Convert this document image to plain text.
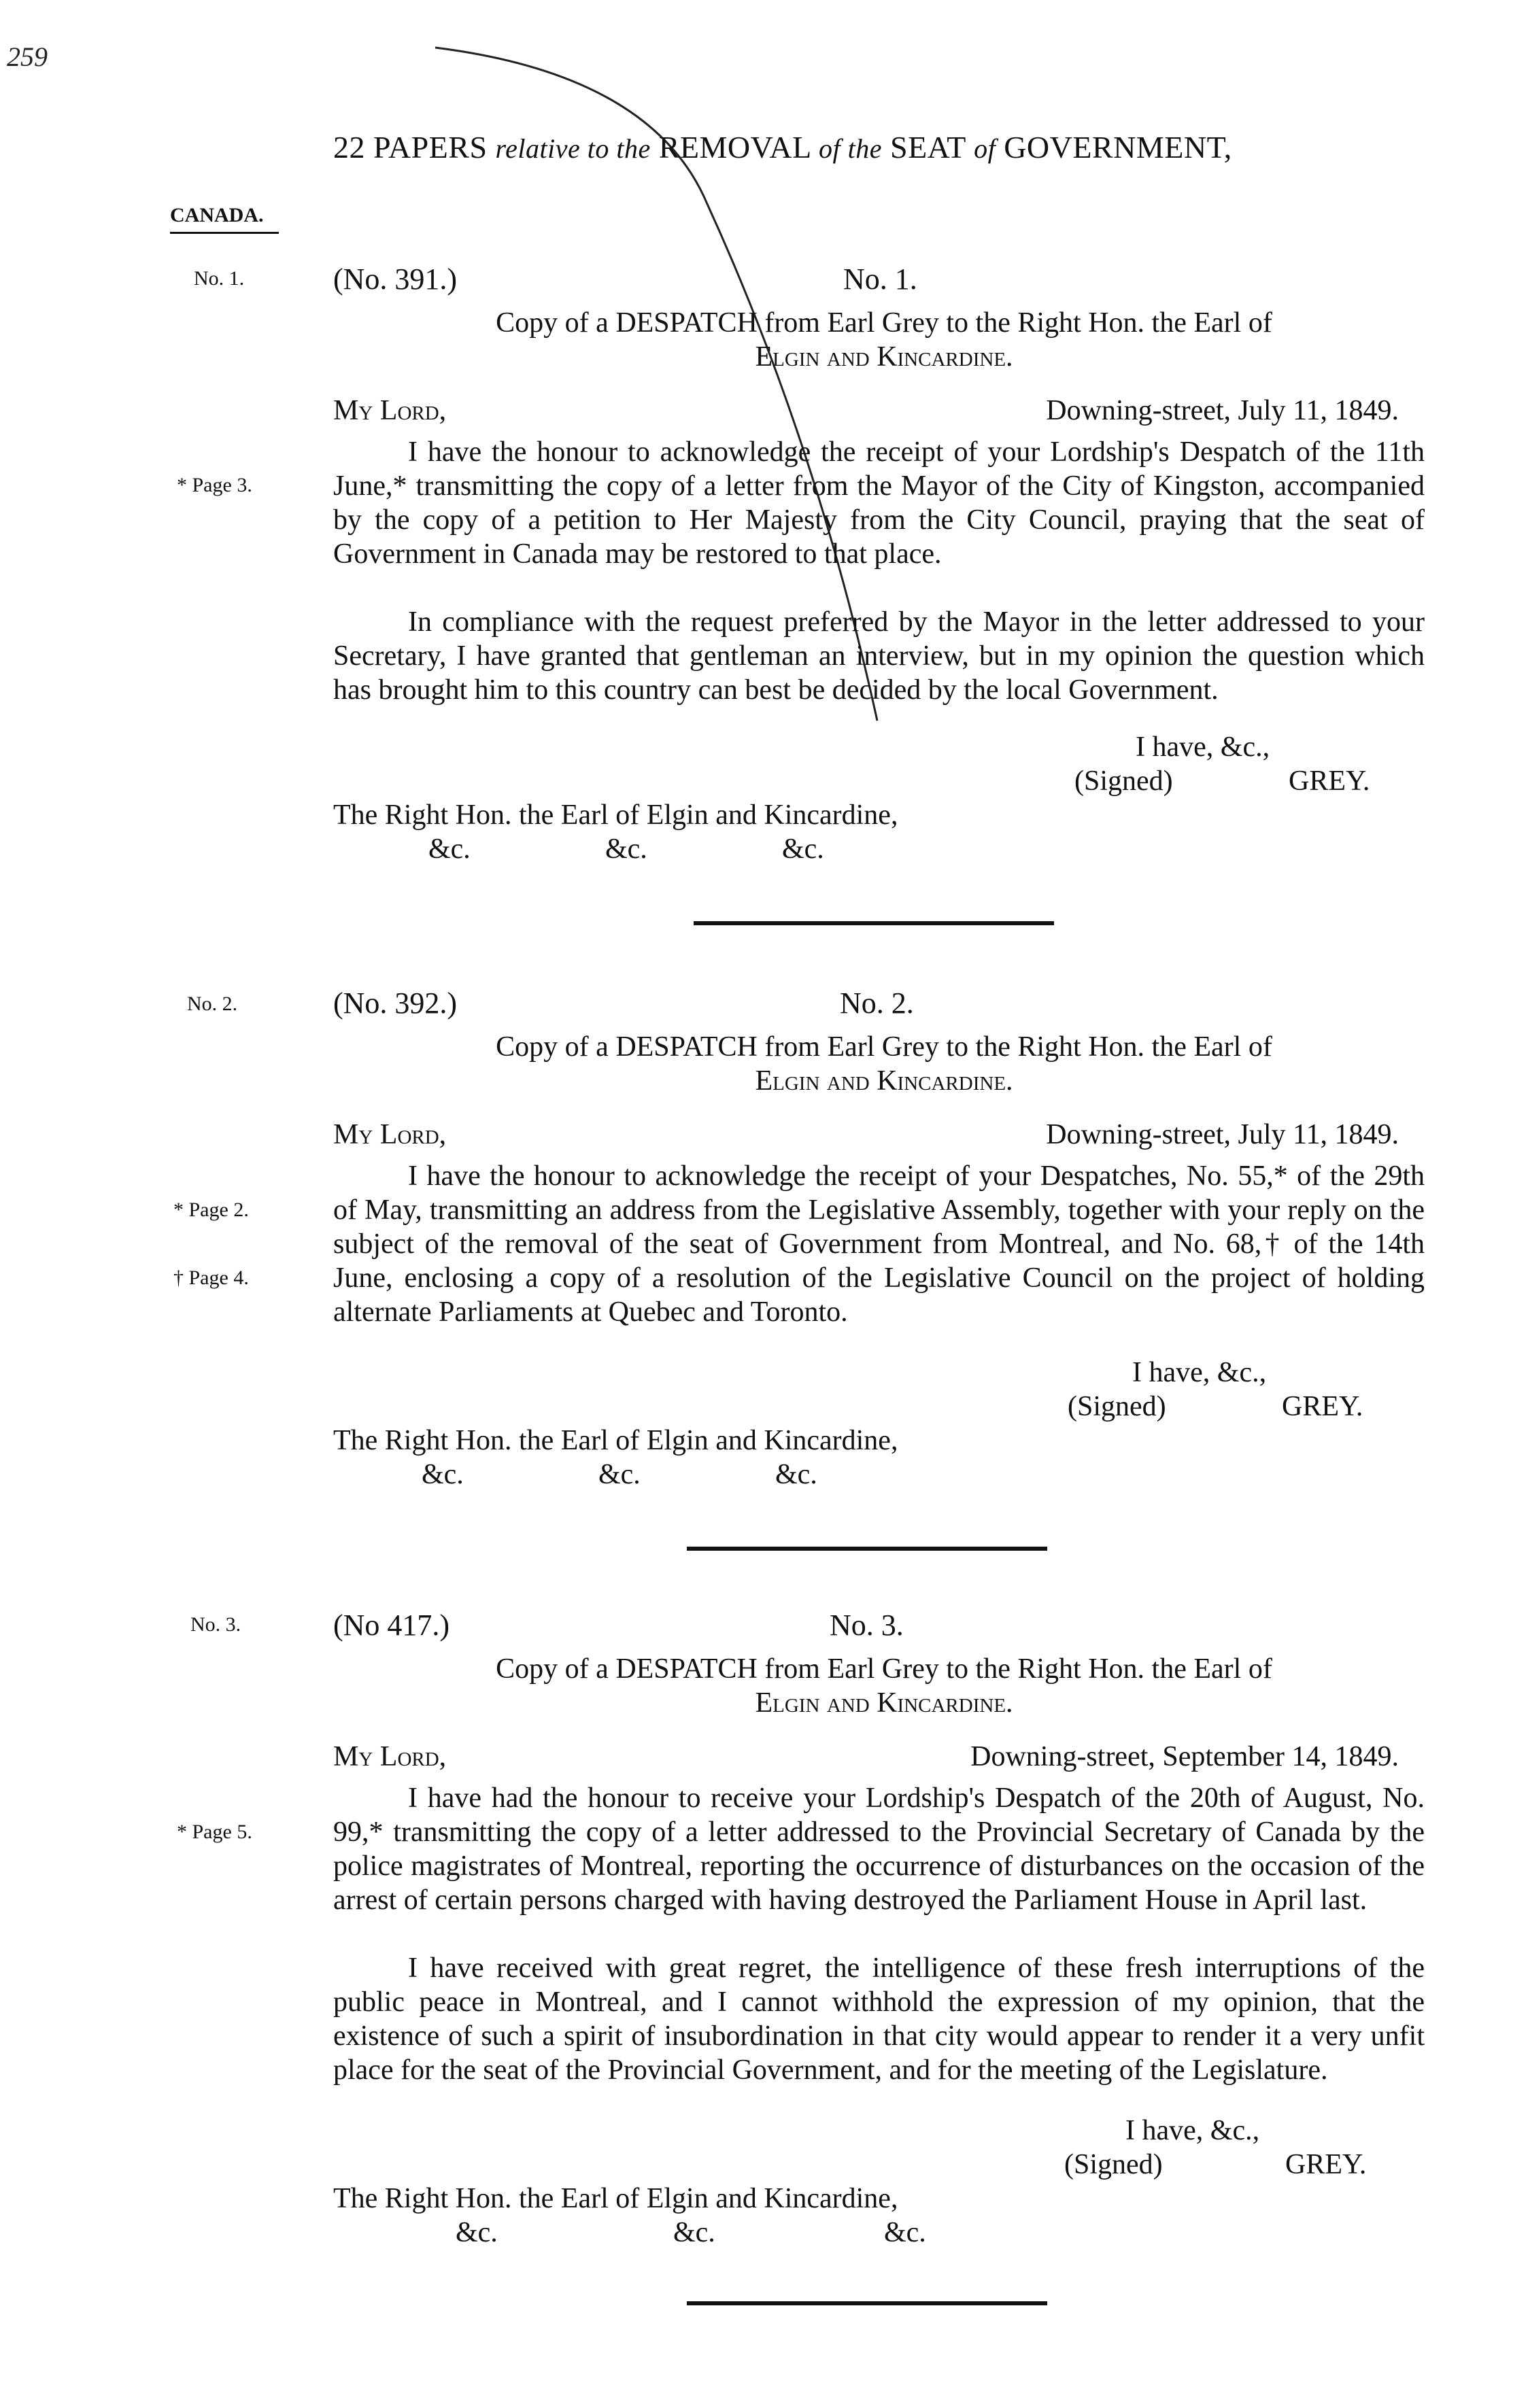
259
22 PAPERS relative to the REMOVAL of the SEAT of GOVERNMENT,
CANADA.
No. 1.	(No. 391.)	No. 1.
Copy of a DESPATCH from Earl Grey to the Right Hon. the Earl of
Elgin and Kincardine.
My Lord,	Downing-street, July 11, 1849.
* Page 3.
I have the honour to acknowledge the receipt of your Lordship's Despatch of the 11th June,* transmitting the copy of a letter from the Mayor of the City of Kingston, accompanied by the copy of a petition to Her Majesty from the City Council, praying that the seat of Government in Canada may be restored to that place.
In compliance with the request preferred by the Mayor in the letter addressed to your Secretary, I have granted that gentleman an interview, but in my opinion the question which has brought him to this country can best be decided by the local Government.
I have, &c.,
(Signed)	GREY.
The Right Hon. the Earl of Elgin and Kincardine,
&c.	&c.	&c.
No. 2.	(No. 392.)	No. 2.
Copy of a DESPATCH from Earl Grey to the Right Hon. the Earl of
Elgin and Kincardine.
My Lord,	Downing-street, July 11, 1849.
* Page 2.
† Page 4.
I have the honour to acknowledge the receipt of your Despatches, No. 55,* of the 29th of May, transmitting an address from the Legislative Assembly, together with your reply on the subject of the removal of the seat of Government from Montreal, and No. 68,† of the 14th June, enclosing a copy of a resolution of the Legislative Council on the project of holding alternate Parliaments at Quebec and Toronto.
I have, &c.,
(Signed)	GREY.
The Right Hon. the Earl of Elgin and Kincardine,
&c.	&c.	&c.
No. 3.	(No 417.)	No. 3.
Copy of a DESPATCH from Earl Grey to the Right Hon. the Earl of
Elgin and Kincardine.
My Lord,	Downing-street, September 14, 1849.
* Page 5.
I have had the honour to receive your Lordship's Despatch of the 20th of August, No. 99,* transmitting the copy of a letter addressed to the Provincial Secretary of Canada by the police magistrates of Montreal, reporting the occurrence of disturbances on the occasion of the arrest of certain persons charged with having destroyed the Parliament House in April last.
I have received with great regret, the intelligence of these fresh interruptions of the public peace in Montreal, and I cannot withhold the expression of my opinion, that the existence of such a spirit of insubordination in that city would appear to render it a very unfit place for the seat of the Provincial Government, and for the meeting of the Legislature.
I have, &c.,
(Signed)	GREY.
The Right Hon. the Earl of Elgin and Kincardine,
&c.	&c.	&c.
